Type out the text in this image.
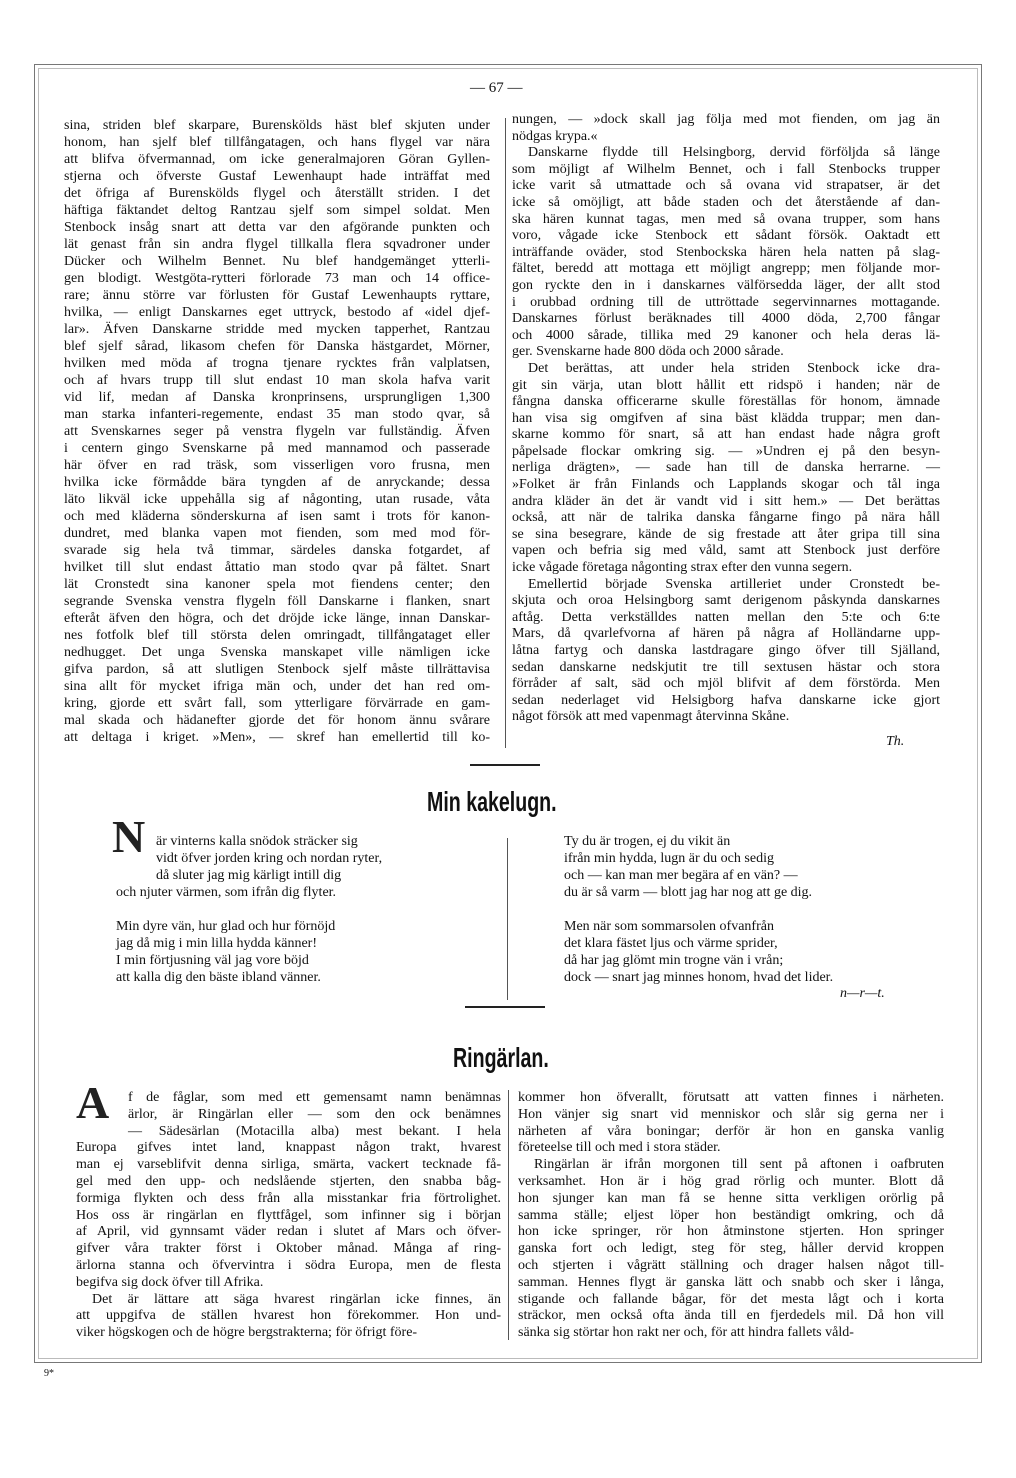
— 67 —
sina, striden blef skarpare, Burenskölds häst blef skjuten under
honom, han sjelf blef tillfångatagen, och hans flygel var nära
att blifva öfvermannad, om icke generalmajoren Göran Gyllen-
stjerna och öfverste Gustaf Lewenhaupt hade inträffat med
det öfriga af Burenskölds flygel och återställt striden. I det
häftiga fäktandet deltog Rantzau sjelf som simpel soldat. Men
Stenbock insåg snart att detta var den afgörande punkten och
lät genast från sin andra flygel tillkalla flera sqvadroner under
Dücker och Wilhelm Bennet. Nu blef handgemänget ytterli-
gen blodigt. Westgöta-rytteri förlorade 73 man och 14 office-
rare; ännu större var förlusten för Gustaf Lewenhaupts ryttare,
hvilka, — enligt Danskarnes eget uttryck, bestodo af «idel djef-
lar». Äfven Danskarne stridde med mycken tapperhet, Rantzau
blef sjelf sårad, likasom chefen för Danska hästgardet, Mörner,
hvilken med möda af trogna tjenare rycktes från valplatsen,
och af hvars trupp till slut endast 10 man skola hafva varit
vid lif, medan af Danska kronprinsens, ursprungligen 1,300
man starka infanteri-regemente, endast 35 man stodo qvar, så
att Svenskarnes seger på venstra flygeln var fullständig. Äfven
i centern gingo Svenskarne på med mannamod och passerade
här öfver en rad träsk, som visserligen voro frusna, men
hvilka icke förmådde bära tyngden af de anryckande; dessa
läto likväl icke uppehålla sig af någonting, utan rusade, våta
och med kläderna sönderskurna af isen samt i trots för kanon-
dundret, med blanka vapen mot fienden, som med mod för-
svarade sig hela två timmar, särdeles danska fotgardet, af
hvilket till slut endast åttatio man stodo qvar på fältet. Snart
lät Cronstedt sina kanoner spela mot fiendens center; den
segrande Svenska venstra flygeln föll Danskarne i flanken, snart
efteråt äfven den högra, och det dröjde icke länge, innan Danskar-
nes fotfolk blef till största delen omringadt, tillfångataget eller
nedhugget. Det unga Svenska manskapet ville nämligen icke
gifva pardon, så att slutligen Stenbock sjelf måste tillrättavisa
sina allt för mycket ifriga män och, under det han red om-
kring, gjorde ett svårt fall, som ytterligare förvärrade en gam-
mal skada och hädanefter gjorde det för honom ännu svårare
att deltaga i kriget. »Men», — skref han emellertid till ko-
nungen, — »dock skall jag följa med mot fienden, om jag än
nödgas krypa.«
Danskarne flydde till Helsingborg, dervid förföljda så länge
som möjligt af Wilhelm Bennet, och i fall Stenbocks trupper
icke varit så utmattade och så ovana vid strapatser, är det
icke så omöjligt, att både staden och det återstående af dan-
ska hären kunnat tagas, men med så ovana trupper, som hans
voro, vågade icke Stenbock ett sådant försök. Oaktadt ett
inträffande oväder, stod Stenbockska hären hela natten på slag-
fältet, beredd att mottaga ett möjligt angrepp; men följande mor-
gon ryckte den in i danskarnes välförsedda läger, der allt stod
i orubbad ordning till de uttröttade segervinnarnes mottagande.
Danskarnes förlust beräknades till 4000 döda, 2,700 fångar
och 4000 sårade, tillika med 29 kanoner och hela deras lä-
ger. Svenskarne hade 800 döda och 2000 sårade.
Det berättas, att under hela striden Stenbock icke dra-
git sin värja, utan blott hållit ett ridspö i handen; när de
fångna danska officerarne skulle föreställas för honom, ämnade
han visa sig omgifven af sina bäst klädda truppar; men dan-
skarne kommo för snart, så att han endast hade några groft
påpelsade flockar omkring sig. — »Undren ej på den besyn-
nerliga drägten», — sade han till de danska herrarne. —
»Folket är från Finlands och Lapplands skogar och tål inga
andra kläder än det är vandt vid i sitt hem.» — Det berättas
också, att när de talrika danska fångarne fingo på nära håll
se sina besegrare, kände de sig frestade att åter gripa till sina
vapen och befria sig med våld, samt att Stenbock just derföre
icke vågade företaga någonting strax efter den vunna segern.
Emellertid började Svenska artilleriet under Cronstedt be-
skjuta och oroa Helsingborg samt derigenom påskynda danskarnes
aftåg. Detta verkställdes natten mellan den 5:te och 6:te
Mars, då qvarlefvorna af hären på några af Holländarne upp-
låtna fartyg och danska lastdragare gingo öfver till Själland,
sedan danskarne nedskjutit tre till sextusen hästar och stora
förråder af salt, säd och mjöl blifvit af dem förstörda. Men
sedan nederlaget vid Helsigborg hafva danskarne icke gjort
något försök att med vapenmagt återvinna Skåne.
Th.
Min kakelugn.
N är vinterns kalla snödok sträcker sig
vidt öfver jorden kring och nordan ryter,
då sluter jag mig kärligt intill dig
och njuter värmen, som ifrån dig flyter.
Min dyre vän, hur glad och hur förnöjd
jag då mig i min lilla hydda känner!
I min förtjusning väl jag vore böjd
att kalla dig den bäste ibland vänner.
Ty du är trogen, ej du vikit än
ifrån min hydda, lugn är du och sedig
och — kan man mer begära af en vän? —
du är så varm — blott jag har nog att ge dig.
Men när som sommarsolen ofvanfrån
det klara fästet ljus och värme sprider,
då har jag glömt min trogne vän i vrån;
dock — snart jag minnes honom, hvad det lider.
n—r—t.
Ringärlan.
A	f de fåglar, som med ett gemensamt namn benämnas
ärlor, är Ringärlan eller — som den ock benämnes
— Sädesärlan (Motacilla alba) mest bekant. I hela
Europa gifves intet land, knappast någon trakt, hvarest
man ej varseblifvit denna sirliga, smärta, vackert tecknade få-
gel med den upp- och nedslående stjerten, den snabba båg-
formiga flykten och dess från alla misstankar fria förtrolighet.
Hos oss är ringärlan en flyttfågel, som infinner sig i början
af April, vid gynnsamt väder redan i slutet af Mars och öfver-
gifver våra trakter först i Oktober månad. Många af ring-
ärlorna stanna och öfvervintra i södra Europa, men de flesta
begifva sig dock öfver till Afrika.
Det är lättare att säga hvarest ringärlan icke finnes, än
att uppgifva de ställen hvarest hon förekommer. Hon und-
viker högskogen och de högre bergstrakterna; för öfrigt före-
kommer hon öfverallt, förutsatt att vatten finnes i närheten.
Hon vänjer sig snart vid menniskor och slår sig gerna ner i
närheten af våra boningar; derför är hon en ganska vanlig
företeelse till och med i stora städer.
Ringärlan är ifrån morgonen till sent på aftonen i oafbruten
verksamhet. Hon är i hög grad rörlig och munter. Blott då
hon sjunger kan man få se henne sitta verkligen orörlig på
samma ställe; eljest löper hon beständigt omkring, och då
hon icke springer, rör hon åtminstone stjerten. Hon springer
ganska fort och ledigt, steg för steg, håller dervid kroppen
och stjerten i vågrätt ställning och drager halsen något till-
samman. Hennes flygt är ganska lätt och snabb och sker i långa,
stigande och fallande bågar, för det mesta lågt och i korta
sträckor, men också ofta ända till en fjerdedels mil. Då hon vill
sänka sig störtar hon rakt ner och, för att hindra fallets våld-
9*
